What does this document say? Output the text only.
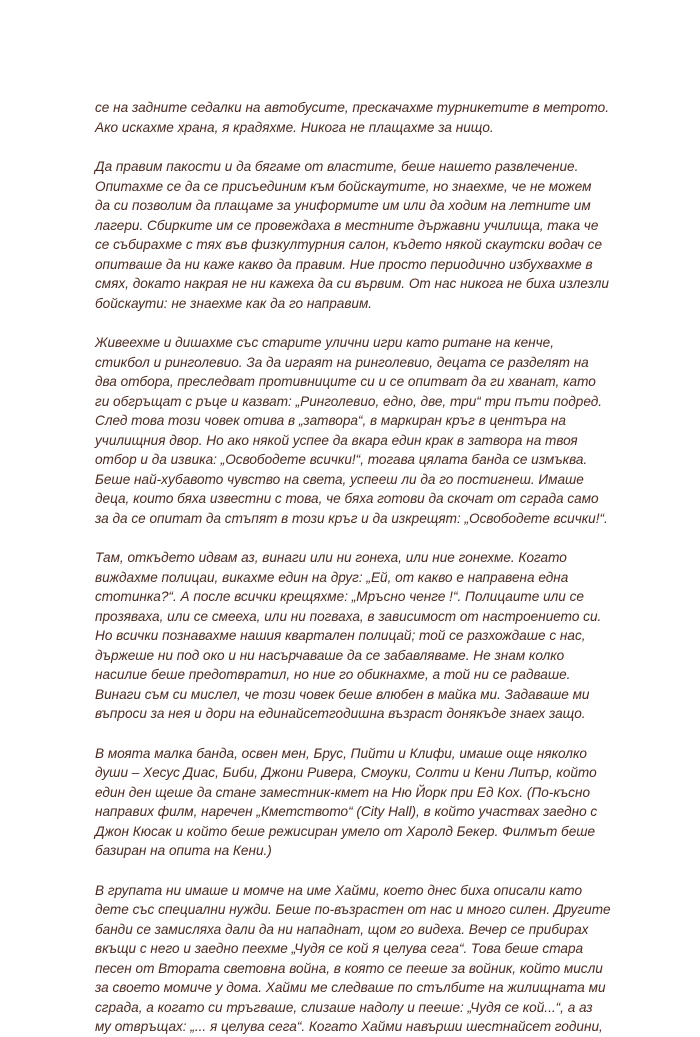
се на задните седалки на автобусите, прескачахме турникетите в метрото.
Ако искахме храна, я крадяхме. Никога не плащахме за нищо.

Да правим пакости и да бягаме от властите, беше нашето развлечение.
Опитахме се да се присъединим към бойскаутите, но знаехме, че не можем
да си позволим да плащаме за униформите им или да ходим на летните им
лагери. Сбирките им се провеждаха в местните държавни училища, така че
се събирахме с тях във физкултурния салон, където някой скаутски водач се
опитваше да ни каже какво да правим. Ние просто периодично избухвахме в
смях, докато накрая не ни кажеха да си вървим. От нас никога не биха излезли
бойскаути: не знаехме как да го направим.

Живеехме и дишахме със старите улични игри като ритане на кенче,
стикбол и ринголевио. За да играят на ринголевио, децата се разделят на
два отбора, преследват противниците си и се опитват да ги хванат, като
ги обгръщат с ръце и казват: „Ринголевио, едно, две, три“ три пъти подред.
След това този човек отива в „затвора“, в маркиран кръг в центъра на
училищния двор. Но ако някой успее да вкара един крак в затвора на твоя
отбор и да извика: „Освободете всички!“, тогава цялата банда се измъква.
Беше най-хубавото чувство на света, успееш ли да го постигнеш. Имаше
деца, които бяха известни с това, че бяха готови да скочат от сграда само
за да се опитат да стъпят в този кръг и да изкрещят: „Освободете всички!“.

Там, откъдето идвам аз, винаги или ни гонеха, или ние гонехме. Когато
виждахме полицаи, викахме един на друг: „Ей, от какво е направена една
стотинка?“. А после всички крещяхме: „Мръсно ченге !“. Полицаите или се
прозяваха, или се смееха, или ни погваха, в зависимост от настроението си.
Но всички познавахме нашия квартален полицай; той се разхождаше с нас,
държеше ни под око и ни насърчаваше да се забавляваме. Не знам колко
насилие беше предотвратил, но ние го обикнахме, а той ни се радваше.
Винаги съм си мислел, че този човек беше влюбен в майка ми. Задаваше ми
въпроси за нея и дори на единайсетгодишна възраст донякъде знаех защо.

В моята малка банда, освен мен, Брус, Пийти и Клифи, имаше още няколко
души – Хесус Диас, Биби, Джони Ривера, Смоуки, Солти и Кени Липър, който
един ден щеше да стане заместник-кмет на Ню Йорк при Ед Кох. (По-късно
направих филм, наречен „Кметството“ (City Hall), в който участвах заедно с
Джон Кюсак и който беше режисиран умело от Харолд Бекер. Филмът беше
базиран на опита на Кени.)

В групата ни имаше и момче на име Хайми, което днес биха описали като
дете със специални нужди. Беше по-възрастен от нас и много силен. Другите
банди се замисляха дали да ни нападнат, щом го видеха. Вечер се прибирах
вкъщи с него и заедно пеехме „Чудя се кой я целува сега“. Това беше стара
песен от Втората световна война, в която се пееше за войник, който мисли
за своето момиче у дома. Хайми ме следваше по стълбите на жилищната ми
сграда, а когато си тръгваше, слизаше надолу и пееше: „Чудя се кой...“, а аз
му отвръщах: „... я целува сега“. Когато Хайми навърши шестнайсет години,
